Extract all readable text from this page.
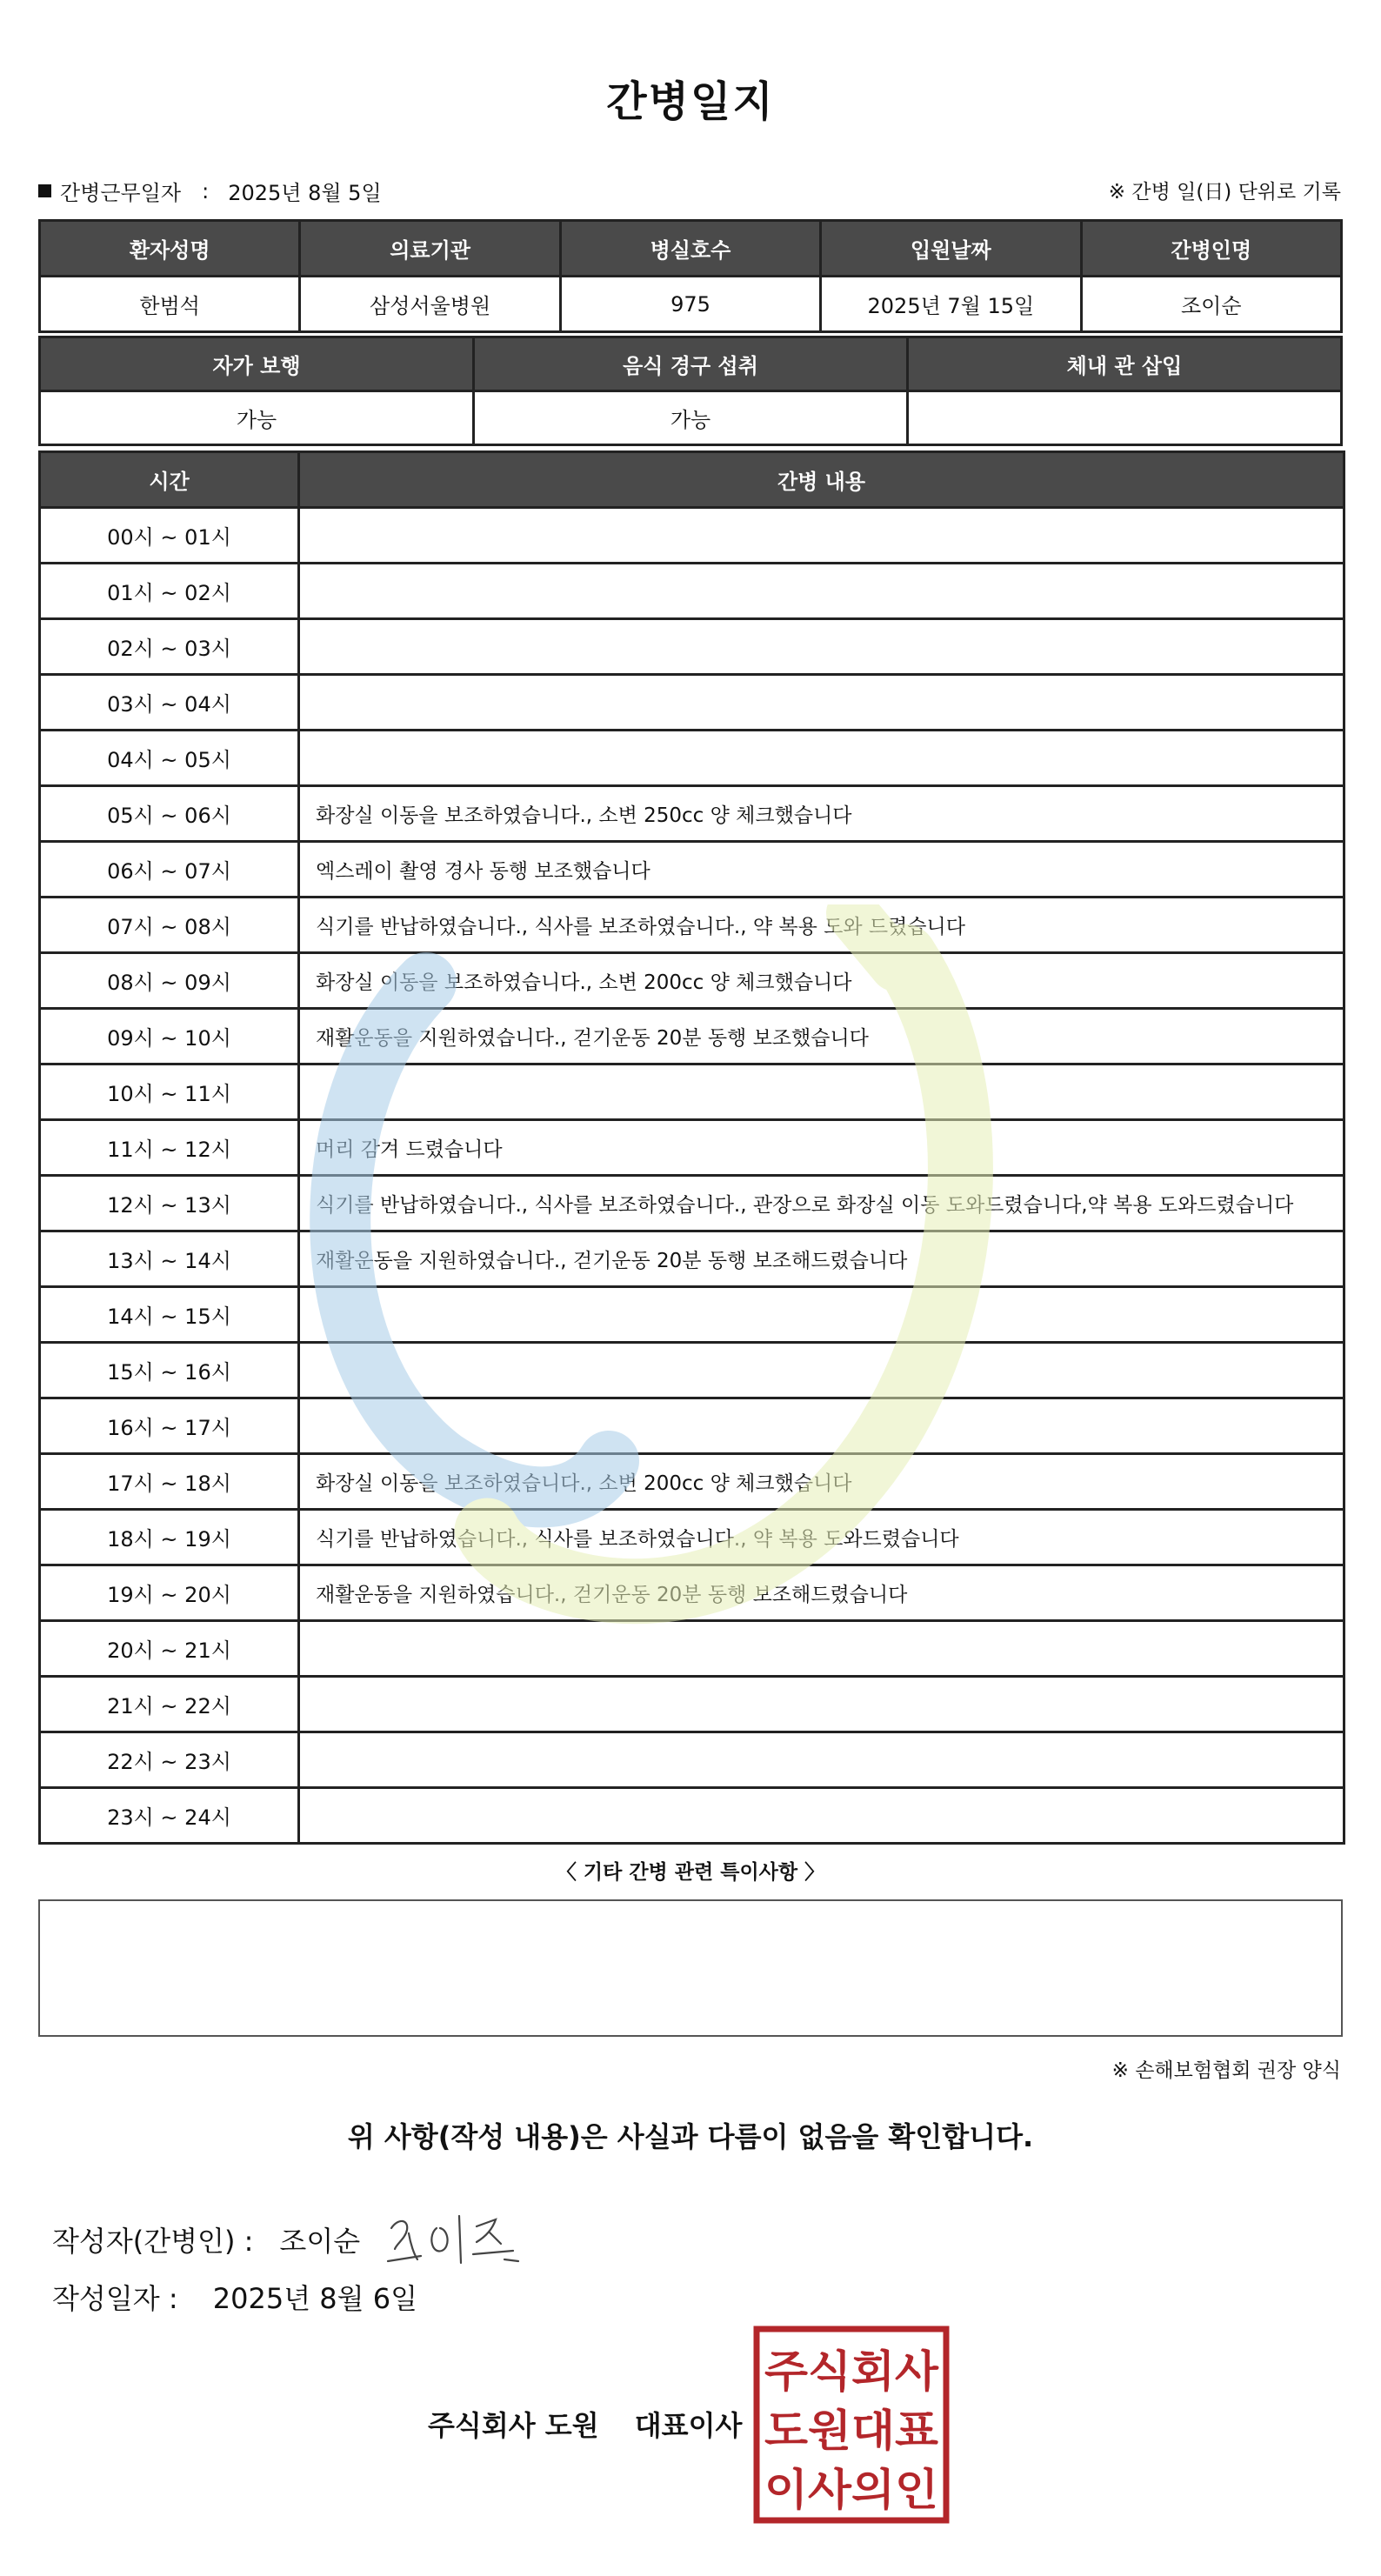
간병일지
간병근무일자 : 2025년 8월 5일	※ 간병 일(日) 단위로 기록
환자성명	의료기관	병실호수	입원날짜	간병인명
한범석	삼성서울병원	975	2025년 7월 15일	조이순
자가 보행	음식 경구 섭취	체내 관 삽입
가능	가능	
시간	간병 내용
00시 ~ 01시	
01시 ~ 02시	
02시 ~ 03시	
03시 ~ 04시	
04시 ~ 05시	
05시 ~ 06시	화장실 이동을 보조하였습니다., 소변 250cc 양 체크했습니다
06시 ~ 07시	엑스레이 촬영 경사 동행 보조했습니다
07시 ~ 08시	식기를 반납하였습니다., 식사를 보조하였습니다., 약 복용 도와 드렸습니다
08시 ~ 09시	화장실 이동을 보조하였습니다., 소변 200cc 양 체크했습니다
09시 ~ 10시	재활운동을 지원하였습니다., 걷기운동 20분 동행 보조했습니다
10시 ~ 11시	
11시 ~ 12시	머리 감겨 드렸습니다
12시 ~ 13시	식기를 반납하였습니다., 식사를 보조하였습니다., 관장으로 화장실 이동 도와드렸습니다,약 복용 도와드렸습니다
13시 ~ 14시	재활운동을 지원하였습니다., 걷기운동 20분 동행 보조해드렸습니다
14시 ~ 15시	
15시 ~ 16시	
16시 ~ 17시	
17시 ~ 18시	화장실 이동을 보조하였습니다., 소변 200cc 양 체크했습니다
18시 ~ 19시	식기를 반납하였습니다., 식사를 보조하였습니다., 약 복용 도와드렸습니다
19시 ~ 20시	재활운동을 지원하였습니다., 걷기운동 20분 동행 보조해드렸습니다
20시 ~ 21시	
21시 ~ 22시	
22시 ~ 23시	
23시 ~ 24시	
〈 기타 간병 관련 특이사항 〉
※ 손해보험협회 권장 양식
위 사항(작성 내용)은 사실과 다름이 없음을 확인합니다.
작성자(간병인) : 조이순
작성일자 : 2025년 8월 6일
주식회사 도원 대표이사
주식회사
도원대표
이사의인
